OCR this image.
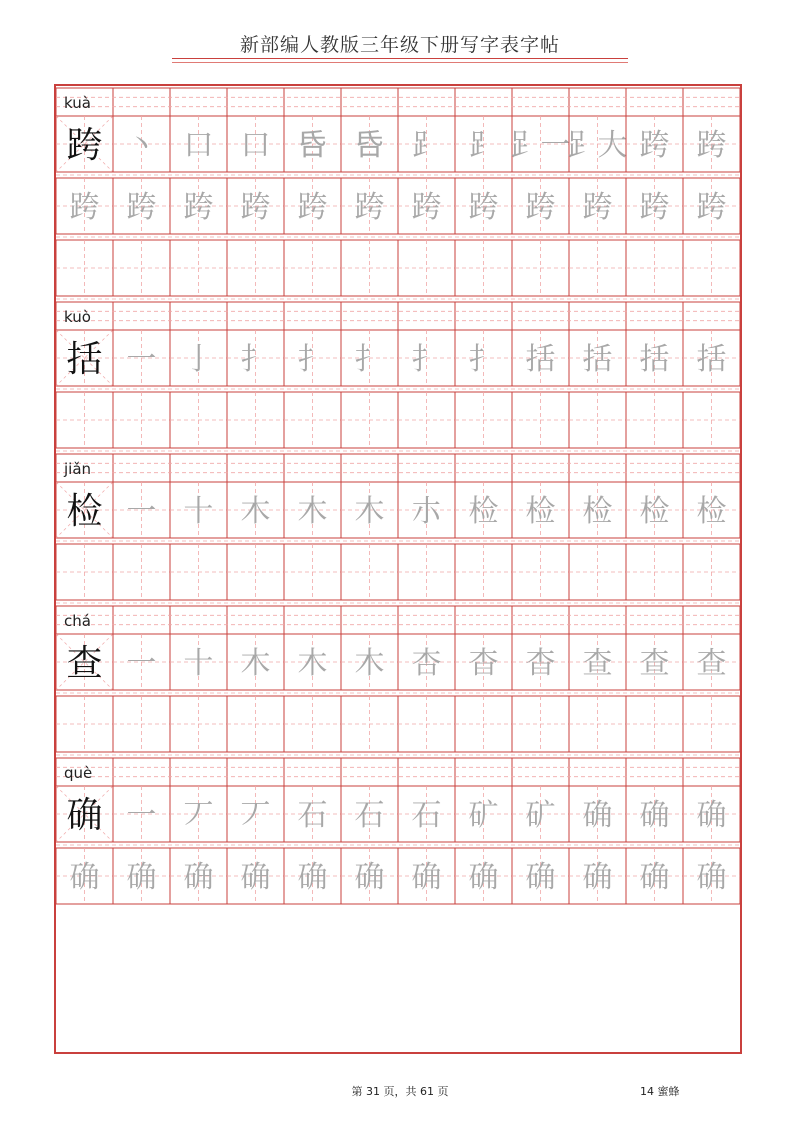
新部编人教版三年级下册写字表字帖
kuà
跨 丶 口 口 𠯑 𠯑 ⻊ ⻊ 𧾷一
𧾷大 跨 跨
跨 跨 跨 跨 跨 跨 跨 跨 跨 跨 跨 跨
kuò
括 一 亅 扌 扌 扌 扌 扌 括 括 括 括
jiǎn
检 一 十 木 木 木 朩 检 检 检 检 检
chá
查 一 十 木 木 木 杏 杳 杳 查 查 查
què
确 一 丆 丆 石 石 石 矿 矿 确 确 确
确 确 确 确 确 确 确 确 确 确 确 确
第 31 页，共 61 页	14 蜜蜂
